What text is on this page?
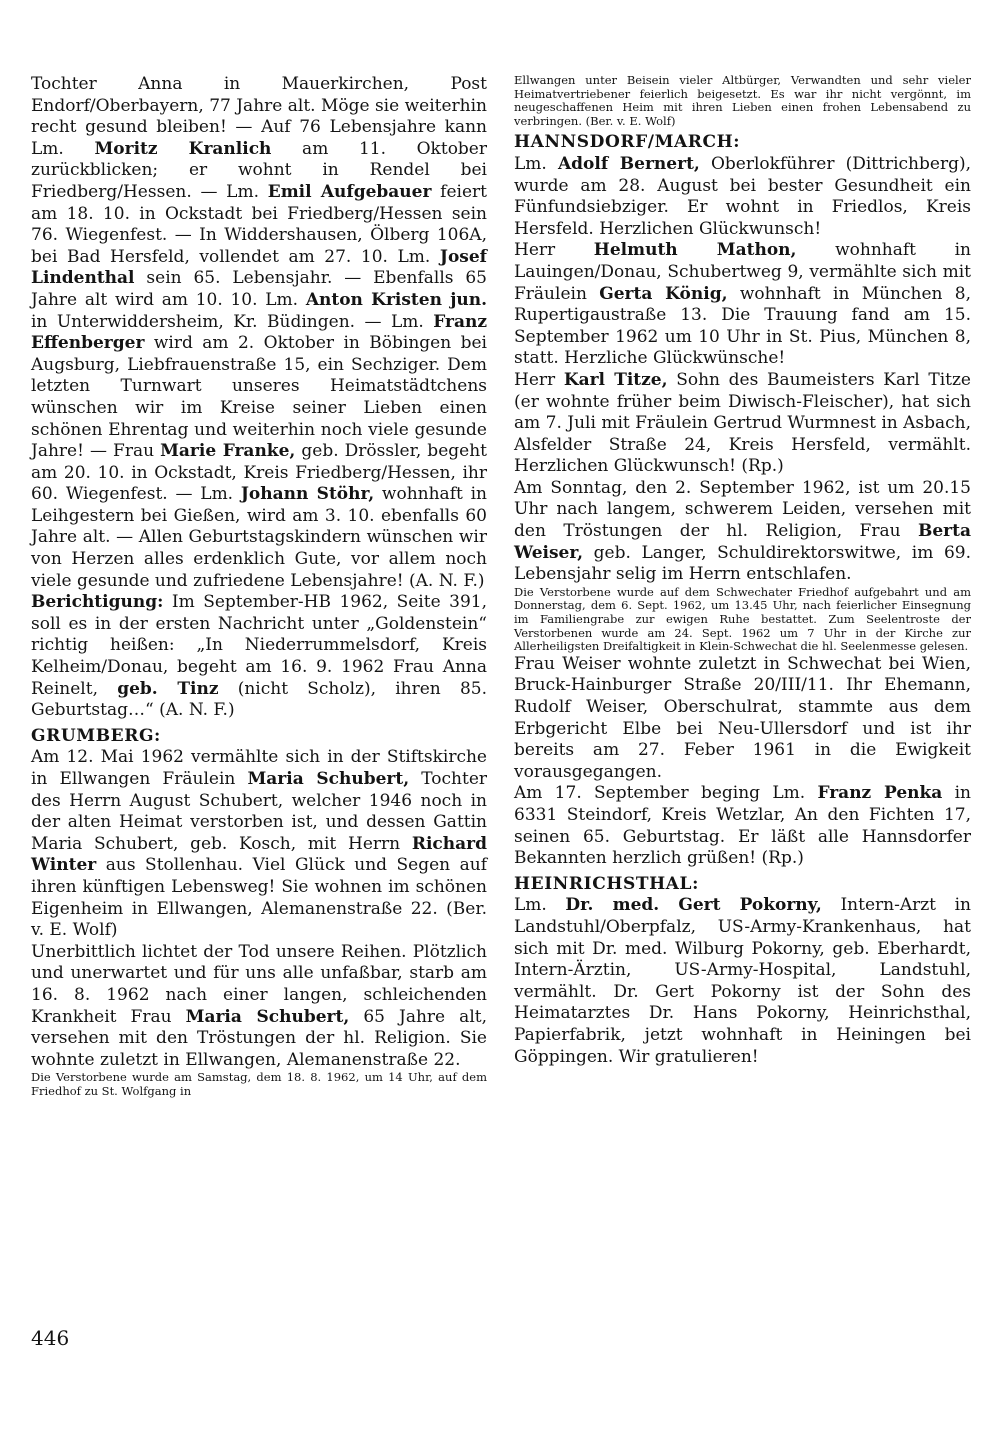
Tochter Anna in Mauerkirchen, Post Endorf/Oberbayern, 77 Jahre alt. Möge sie weiterhin recht gesund bleiben! — Auf 76 Lebensjahre kann Lm. Moritz Kranlich am 11. Oktober zurückblicken; er wohnt in Rendel bei Friedberg/Hessen. — Lm. Emil Aufgebauer feiert am 18. 10. in Ockstadt bei Friedberg/Hessen sein 76. Wiegenfest. — In Widdershausen, Ölberg 106A, bei Bad Hersfeld, vollendet am 27. 10. Lm. Josef Lindenthal sein 65. Lebensjahr. — Ebenfalls 65 Jahre alt wird am 10. 10. Lm. Anton Kristen jun. in Unterwiddersheim, Kr. Büdingen. — Lm. Franz Effenberger wird am 2. Oktober in Böbingen bei Augsburg, Liebfrauenstraße 15, ein Sechziger. Dem letzten Turnwart unseres Heimatstädtchens wünschen wir im Kreise seiner Lieben einen schönen Ehrentag und weiterhin noch viele gesunde Jahre! — Frau Marie Franke, geb. Drössler, begeht am 20. 10. in Ockstadt, Kreis Friedberg/Hessen, ihr 60. Wiegenfest. — Lm. Johann Stöhr, wohnhaft in Leihgestern bei Gießen, wird am 3. 10. ebenfalls 60 Jahre alt. — Allen Geburtstagskindern wünschen wir von Herzen alles erdenklich Gute, vor allem noch viele gesunde und zufriedene Lebensjahre! (A. N. F.)

Berichtigung: Im September-HB 1962, Seite 391, soll es in der ersten Nachricht unter „Goldenstein“ richtig heißen: „In Niederrummelsdorf, Kreis Kelheim/Donau, begeht am 16. 9. 1962 Frau Anna Reinelt, geb. Tinz (nicht Scholz), ihren 85. Geburtstag…“ (A. N. F.)

GRUMBERG:

Am 12. Mai 1962 vermählte sich in der Stiftskirche in Ellwangen Fräulein Maria Schubert, Tochter des Herrn August Schubert, welcher 1946 noch in der alten Heimat verstorben ist, und dessen Gattin Maria Schubert, geb. Kosch, mit Herrn Richard Winter aus Stollenhau. Viel Glück und Segen auf ihren künftigen Lebensweg! Sie wohnen im schönen Eigenheim in Ellwangen, Alemanenstraße 22. (Ber. v. E. Wolf)

Unerbittlich lichtet der Tod unsere Reihen. Plötzlich und unerwartet und für uns alle unfaßbar, starb am 16. 8. 1962 nach einer langen, schleichenden Krankheit Frau Maria Schubert, 65 Jahre alt, versehen mit den Tröstungen der hl. Religion. Sie wohnte zuletzt in Ellwangen, Alemanenstraße 22.

Die Verstorbene wurde am Samstag, dem 18. 8. 1962, um 14 Uhr, auf dem Friedhof zu St. Wolfgang in

Ellwangen unter Beisein vieler Altbürger, Verwandten und sehr vieler Heimatvertriebener feierlich beigesetzt. Es war ihr nicht vergönnt, im neugeschaffenen Heim mit ihren Lieben einen frohen Lebensabend zu verbringen. (Ber. v. E. Wolf)

HANNSDORF/MARCH:

Lm. Adolf Bernert, Oberlokführer (Dittrichberg), wurde am 28. August bei bester Gesundheit ein Fünfundsiebziger. Er wohnt in Friedlos, Kreis Hersfeld. Herzlichen Glückwunsch!

Herr Helmuth Mathon, wohnhaft in Lauingen/Donau, Schubertweg 9, vermählte sich mit Fräulein Gerta König, wohnhaft in München 8, Rupertigaustraße 13. Die Trauung fand am 15. September 1962 um 10 Uhr in St. Pius, München 8, statt. Herzliche Glückwünsche!

Herr Karl Titze, Sohn des Baumeisters Karl Titze (er wohnte früher beim Diwisch-Fleischer), hat sich am 7. Juli mit Fräulein Gertrud Wurmnest in Asbach, Alsfelder Straße 24, Kreis Hersfeld, vermählt. Herzlichen Glückwunsch! (Rp.)

Am Sonntag, den 2. September 1962, ist um 20.15 Uhr nach langem, schwerem Leiden, versehen mit den Tröstungen der hl. Religion, Frau Berta Weiser, geb. Langer, Schuldirektorswitwe, im 69. Lebensjahr selig im Herrn entschlafen.

Die Verstorbene wurde auf dem Schwechater Friedhof aufgebahrt und am Donnerstag, dem 6. Sept. 1962, um 13.45 Uhr, nach feierlicher Einsegnung im Familiengrabe zur ewigen Ruhe bestattet. Zum Seelentroste der Verstorbenen wurde am 24. Sept. 1962 um 7 Uhr in der Kirche zur Allerheiligsten Dreifaltigkeit in Klein-Schwechat die hl. Seelenmesse gelesen.

Frau Weiser wohnte zuletzt in Schwechat bei Wien, Bruck-Hainburger Straße 20/III/11. Ihr Ehemann, Rudolf Weiser, Oberschulrat, stammte aus dem Erbgericht Elbe bei Neu-Ullersdorf und ist ihr bereits am 27. Feber 1961 in die Ewigkeit vorausgegangen.

Am 17. September beging Lm. Franz Penka in 6331 Steindorf, Kreis Wetzlar, An den Fichten 17, seinen 65. Geburtstag. Er läßt alle Hannsdorfer Bekannten herzlich grüßen! (Rp.)

HEINRICHSTHAL:

Lm. Dr. med. Gert Pokorny, Intern-Arzt in Landstuhl/Oberpfalz, US-Army-Krankenhaus, hat sich mit Dr. med. Wilburg Pokorny, geb. Eberhardt, Intern-Ärztin, US-Army-Hospital, Landstuhl, vermählt. Dr. Gert Pokorny ist der Sohn des Heimatarztes Dr. Hans Pokorny, Heinrichsthal, Papierfabrik, jetzt wohnhaft in Heiningen bei Göppingen. Wir gratulieren!

446
